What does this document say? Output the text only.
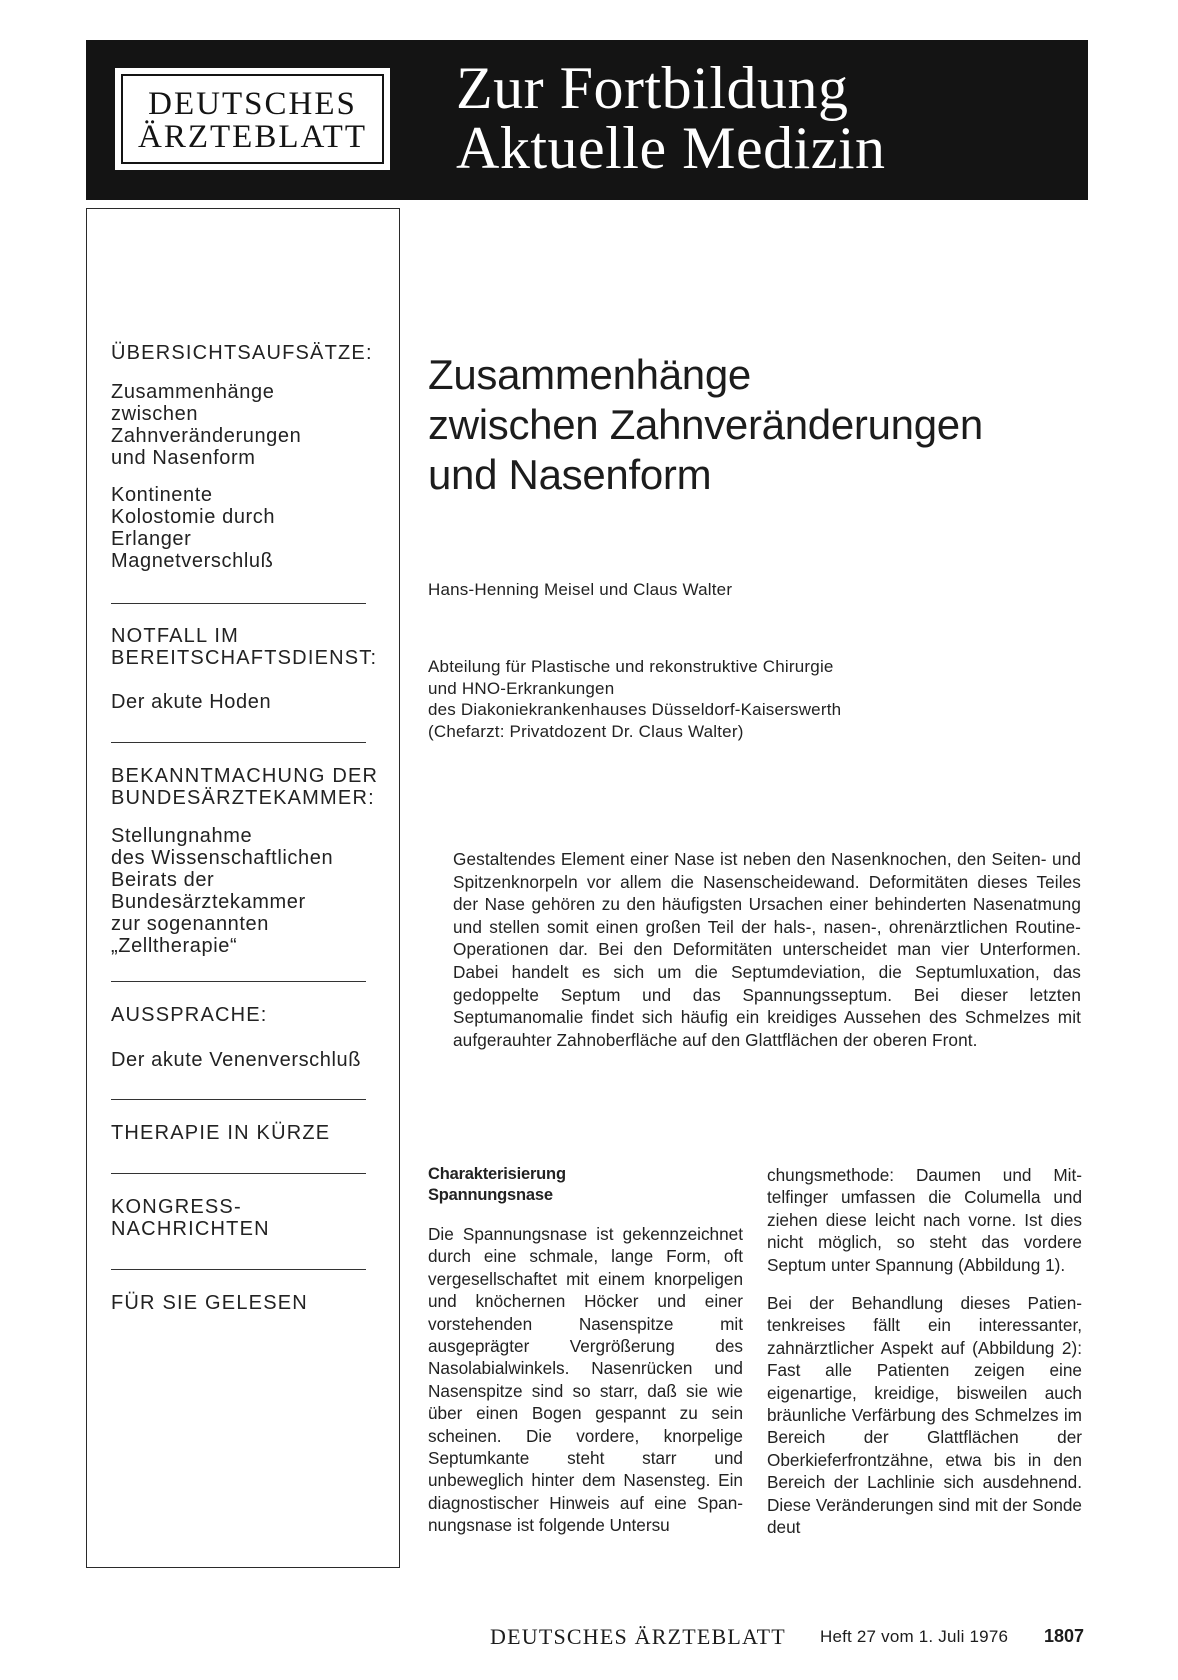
DEUTSCHES
ÄRZTEBLATT
Zur Fortbildung
Aktuelle Medizin
ÜBERSICHTSAUFSÄTZE:
Zusammenhänge
zwischen
Zahnveränderungen
und Nasenform
Kontinente
Kolostomie durch
Erlanger
Magnetverschluß
NOTFALL IM
BEREITSCHAFTSDIENST:
Der akute Hoden
BEKANNTMACHUNG DER
BUNDESÄRZTEKAMMER:
Stellungnahme
des Wissenschaftlichen
Beirats der
Bundesärztekammer
zur sogenannten
„Zelltherapie“
AUSSPRACHE:
Der akute Venenverschluß
THERAPIE IN KÜRZE
KONGRESS-
NACHRICHTEN
FÜR SIE GELESEN
Zusammenhänge
zwischen Zahnveränderungen
und Nasenform
Hans-Henning Meisel und Claus Walter
Abteilung für Plastische und rekonstruktive Chirurgie
und HNO-Erkrankungen
des Diakoniekrankenhauses Düsseldorf-Kaiserswerth
(Chefarzt: Privatdozent Dr. Claus Walter)
Gestaltendes Element einer Nase ist neben den Nasenknochen, den Seiten- und Spitzenknorpeln vor allem die Nasenscheidewand. Deformitäten dieses Teiles der Nase gehören zu den häufigsten Ursachen einer behinderten Nasenatmung und stellen somit einen großen Teil der hals-, nasen-, ohrenärztlichen Routine-Operationen dar. Bei den Deformitäten unterscheidet man vier Unterformen. Dabei handelt es sich um die Septumdeviation, die Septumluxation, das gedoppelte Septum und das Spannungsseptum. Bei dieser letzten Septumanomalie findet sich häufig ein kreidiges Aussehen des Schmelzes mit aufgerauhter Zahnoberfläche auf den Glattflächen der oberen Front.
Charakterisierung
Spannungsnase

Die Spannungsnase ist gekennzeichnet durch eine schmale, lange Form, oft vergesellschaftet mit einem knorpeligen und knöchernen Höcker und einer vorstehenden Nasenspitze mit ausgeprägter Vergrößerung des Nasolabialwinkels. Nasenrücken und Nasenspitze sind so starr, daß sie wie über einen Bogen gespannt zu sein scheinen. Die vordere, knorpelige Septumkante steht starr und unbeweglich hinter dem Nasensteg. Ein diagnostischer Hinweis auf eine Spannungsnase ist folgende Untersu

chungsmethode: Daumen und Mittelfinger umfassen die Columella und ziehen diese leicht nach vorne. Ist dies nicht möglich, so steht das vordere Septum unter Spannung (Abbildung 1).

Bei der Behandlung dieses Patientenkreises fällt ein interessanter, zahnärztlicher Aspekt auf (Abbildung 2): Fast alle Patienten zeigen eine eigenartige, kreidige, bisweilen auch bräunliche Verfärbung des Schmelzes im Bereich der Glattflächen der Oberkieferfrontzähne, etwa bis in den Bereich der Lachlinie sich ausdehnend. Diese Veränderungen sind mit der Sonde deut

DEUTSCHES ÄRZTEBLATT Heft 27 vom 1. Juli 1976 1807
